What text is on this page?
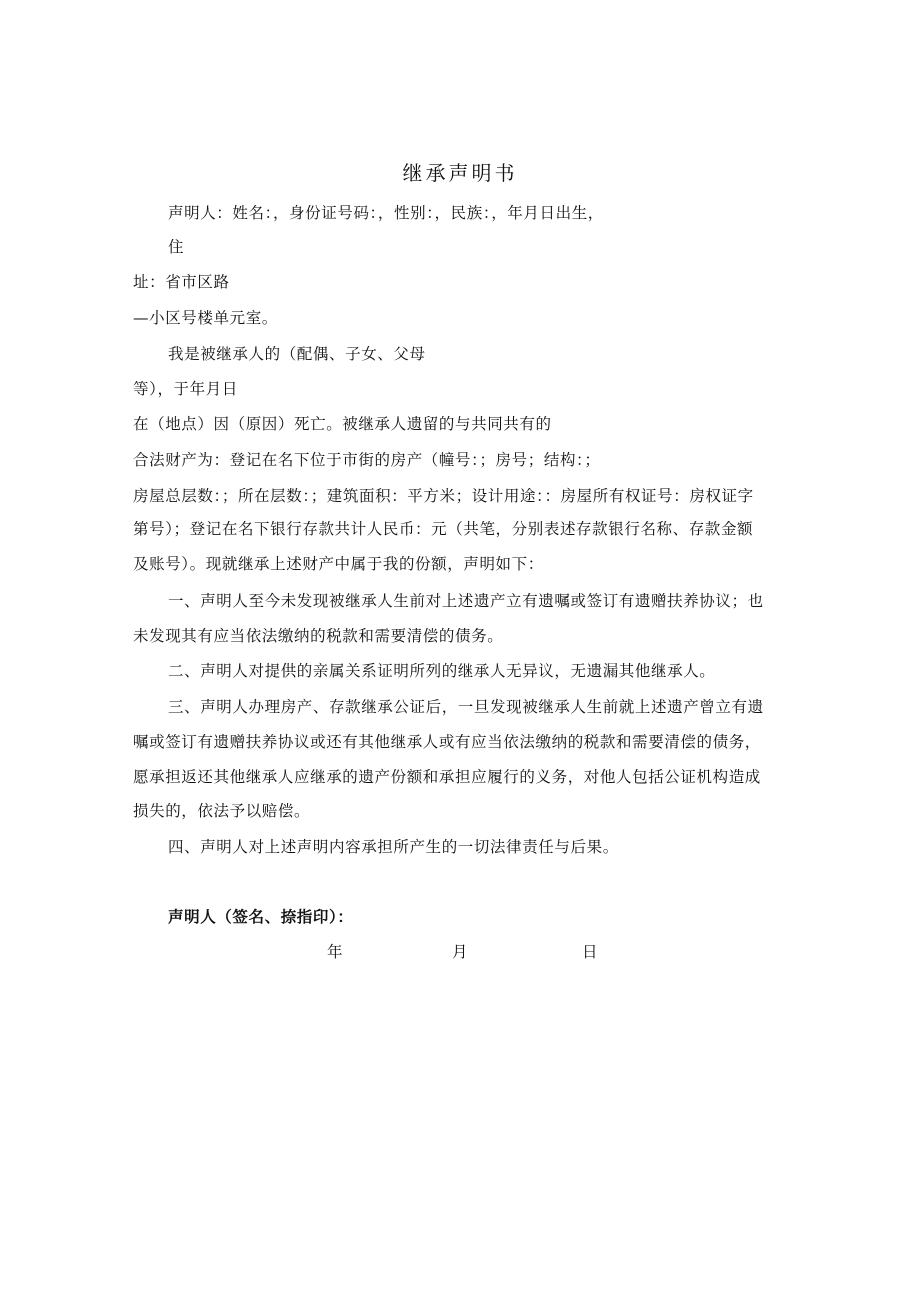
继承声明书
声明人：姓名：，身份证号码：，性别：，民族：，年月日出生，
住
址：省市区路
—小区号楼单元室。
我是被继承人的（配偶、子女、父母
等），于年月日
在（地点）因（原因）死亡。被继承人遗留的与共同共有的
合法财产为：登记在名下位于市街的房产（幢号：；房号；结构：；
房屋总层数：；所在层数：；建筑面积：平方米；设计用途：：房屋所有权证号：房权证字
第号）；登记在名下银行存款共计人民币：元（共笔，分别表述存款银行名称、存款金额
及账号）。现就继承上述财产中属于我的份额，声明如下：
一、声明人至今未发现被继承人生前对上述遗产立有遗嘱或签订有遗赠扶养协议；也
未发现其有应当依法缴纳的税款和需要清偿的债务。
二、声明人对提供的亲属关系证明所列的继承人无异议，无遗漏其他继承人。
三、声明人办理房产、存款继承公证后，一旦发现被继承人生前就上述遗产曾立有遗
嘱或签订有遗赠扶养协议或还有其他继承人或有应当依法缴纳的税款和需要清偿的债务，
愿承担返还其他继承人应继承的遗产份额和承担应履行的义务，对他人包括公证机构造成
损失的，依法予以赔偿。
四、声明人对上述声明内容承担所产生的一切法律责任与后果。
声明人（签名、捺指印）：
年	月	日
